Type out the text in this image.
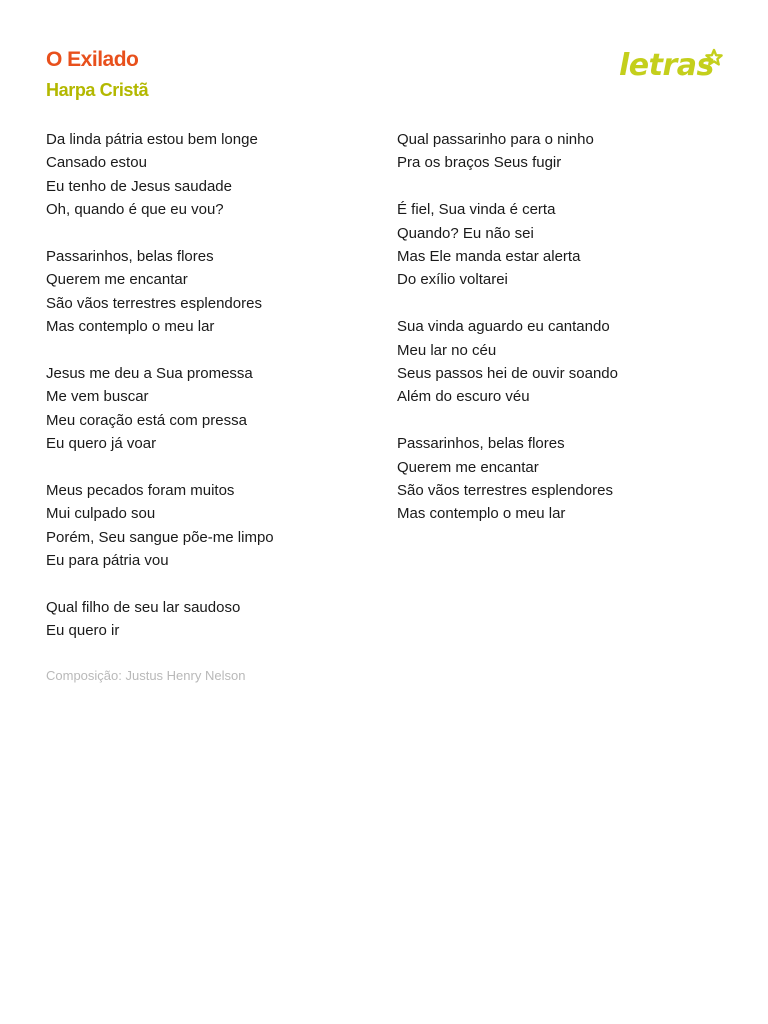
O Exilado
Harpa Cristã
letras

Da linda pátria estou bem longe
Cansado estou
Eu tenho de Jesus saudade
Oh, quando é que eu vou?

Passarinhos, belas flores
Querem me encantar
São vãos terrestres esplendores
Mas contemplo o meu lar

Jesus me deu a Sua promessa
Me vem buscar
Meu coração está com pressa
Eu quero já voar

Meus pecados foram muitos
Mui culpado sou
Porém, Seu sangue põe-me limpo
Eu para pátria vou

Qual filho de seu lar saudoso
Eu quero ir

Composição: Justus Henry Nelson

Qual passarinho para o ninho
Pra os braços Seus fugir

É fiel, Sua vinda é certa
Quando? Eu não sei
Mas Ele manda estar alerta
Do exílio voltarei

Sua vinda aguardo eu cantando
Meu lar no céu
Seus passos hei de ouvir soando
Além do escuro véu

Passarinhos, belas flores
Querem me encantar
São vãos terrestres esplendores
Mas contemplo o meu lar
